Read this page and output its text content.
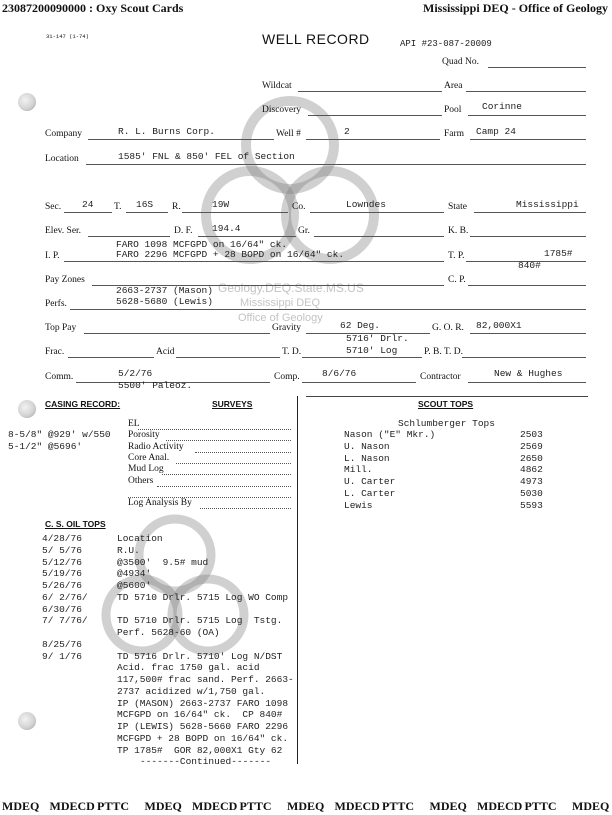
23087200090000 : Oxy Scout Cards	Mississippi DEQ - Office of Geology
Geology.DEQ.State.MS.US
Mississippi DEQ
Office of Geology
31-147 (1-74)	WELL RECORD	API #23-087-20009
Quad No.
Wildcat	Area
Discovery	Pool Corinne
Company	R. L. Burns Corp.	Well #	2	Farm Camp 24
Location	1585' FNL & 850' FEL of Section
Sec. 24 T. 16S R.	19W	Co.	Lowndes	State	Mississippi
Elev. Ser.	D. F. 194.4	Gr.	K. B.
FARO 1098 MCFGPD on 16/64" ck.
I. P.	FARO 2296 MCFGPD + 28 BOPD on 16/64" ck.	T. P.	1785#
840#
Pay Zones	C. P.
2663-2737 (Mason)
Perfs.	5628-5680 (Lewis)
Top Pay	Gravity	62 Deg.	G. O. R. 82,000X1
5716' Drlr.
Frac.	Acid	T. D.	5710' Log	P. B. T. D.
Comm.	5/2/76
5500' Paleoz.
Comp. 8/6/76	Contractor	New & Hughes
CASING RECORD:
8-5/8" @929' w/550
5-1/2" @5696'
SURVEYS
EL
Porosity
Radio Activity
Core Anal.
Mud Log
Others
Log Analysis By
SCOUT TOPS
Schlumberger Tops
Nason ("E" Mkr.)	2503
U. Nason	2569
L. Nason	2650
Mill.	4862
U. Carter	4973
L. Carter	5030
Lewis	5593
C. S. OIL TOPS
4/28/76	Location
5/ 5/76	R.U.
5/12/76	@3500'  9.5# mud
5/19/76	@4934'
5/26/76	@5600'
6/ 2/76/	TD 5710 Drlr. 5715 Log WO Comp
6/30/76
7/ 7/76/	TD 5710 Drlr. 5715 Log  Tstg.
Perf. 5628-60 (OA)
8/25/76
9/ 1/76	TD 5716 Drlr. 5710' Log N/DST
Acid. frac 1750 gal. acid
117,500# frac sand. Perf. 2663-
2737 acidized w/1,750 gal.
IP (MASON) 2663-2737 FARO 1098
MCFGPD on 16/64" ck.  CP 840#
IP (LEWIS) 5628-5660 FARO 2296
MCFGPD + 28 BOPD on 16/64" ck.
TP 1785#  GOR 82,000X1 Gty 62
-------Continued-------
MDEQ MDECD PTTC MDEQ MDECD PTTC MDEQ MDECD PTTC MDEQ MDECD PTTC MDEQ
